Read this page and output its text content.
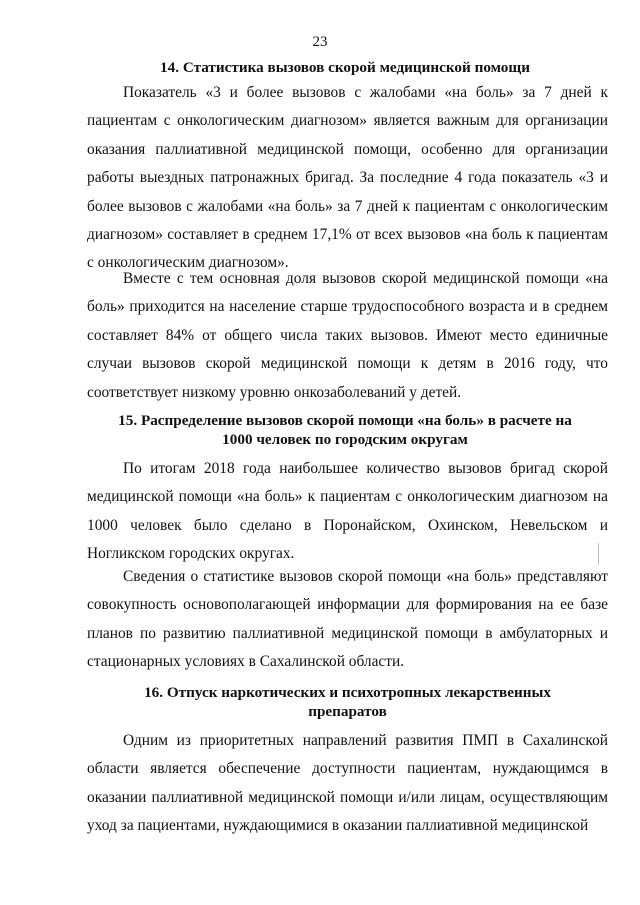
23
14. Статистика вызовов скорой медицинской помощи

Показатель «3 и более вызовов с жалобами «на боль» за 7 дней к пациентам с онкологическим диагнозом» является важным для организации оказания паллиативной медицинской помощи, особенно для организации работы выездных патронажных бригад. За последние 4 года показатель «3 и более вызовов с жалобами «на боль» за 7 дней к пациентам с онкологическим диагнозом» составляет в среднем 17,1% от всех вызовов «на боль к пациентам с онкологическим диагнозом».

Вместе с тем основная доля вызовов скорой медицинской помощи «на боль» приходится на население старше трудоспособного возраста и в среднем составляет 84% от общего числа таких вызовов. Имеют место единичные случаи вызовов скорой медицинской помощи к детям в 2016 году, что соответствует низкому уровню онкозаболеваний у детей.

15. Распределение вызовов скорой помощи «на боль» в расчете на 1000 человек по городским округам

По итогам 2018 года наибольшее количество вызовов бригад скорой медицинской помощи «на боль» к пациентам с онкологическим диагнозом на 1000 человек было сделано в Поронайском, Охинском, Невельском и Ногликском городских округах.

Сведения о статистике вызовов скорой помощи «на боль» представляют совокупность основополагающей информации для формирования на ее базе планов по развитию паллиативной медицинской помощи в амбулаторных и стационарных условиях в Сахалинской области.

16. Отпуск наркотических и психотропных лекарственных препаратов

Одним из приоритетных направлений развития ПМП в Сахалинской области является обеспечение доступности пациентам, нуждающимся в оказании паллиативной медицинской помощи и/или лицам, осуществляющим уход за пациентами, нуждающимися в оказании паллиативной медицинской
